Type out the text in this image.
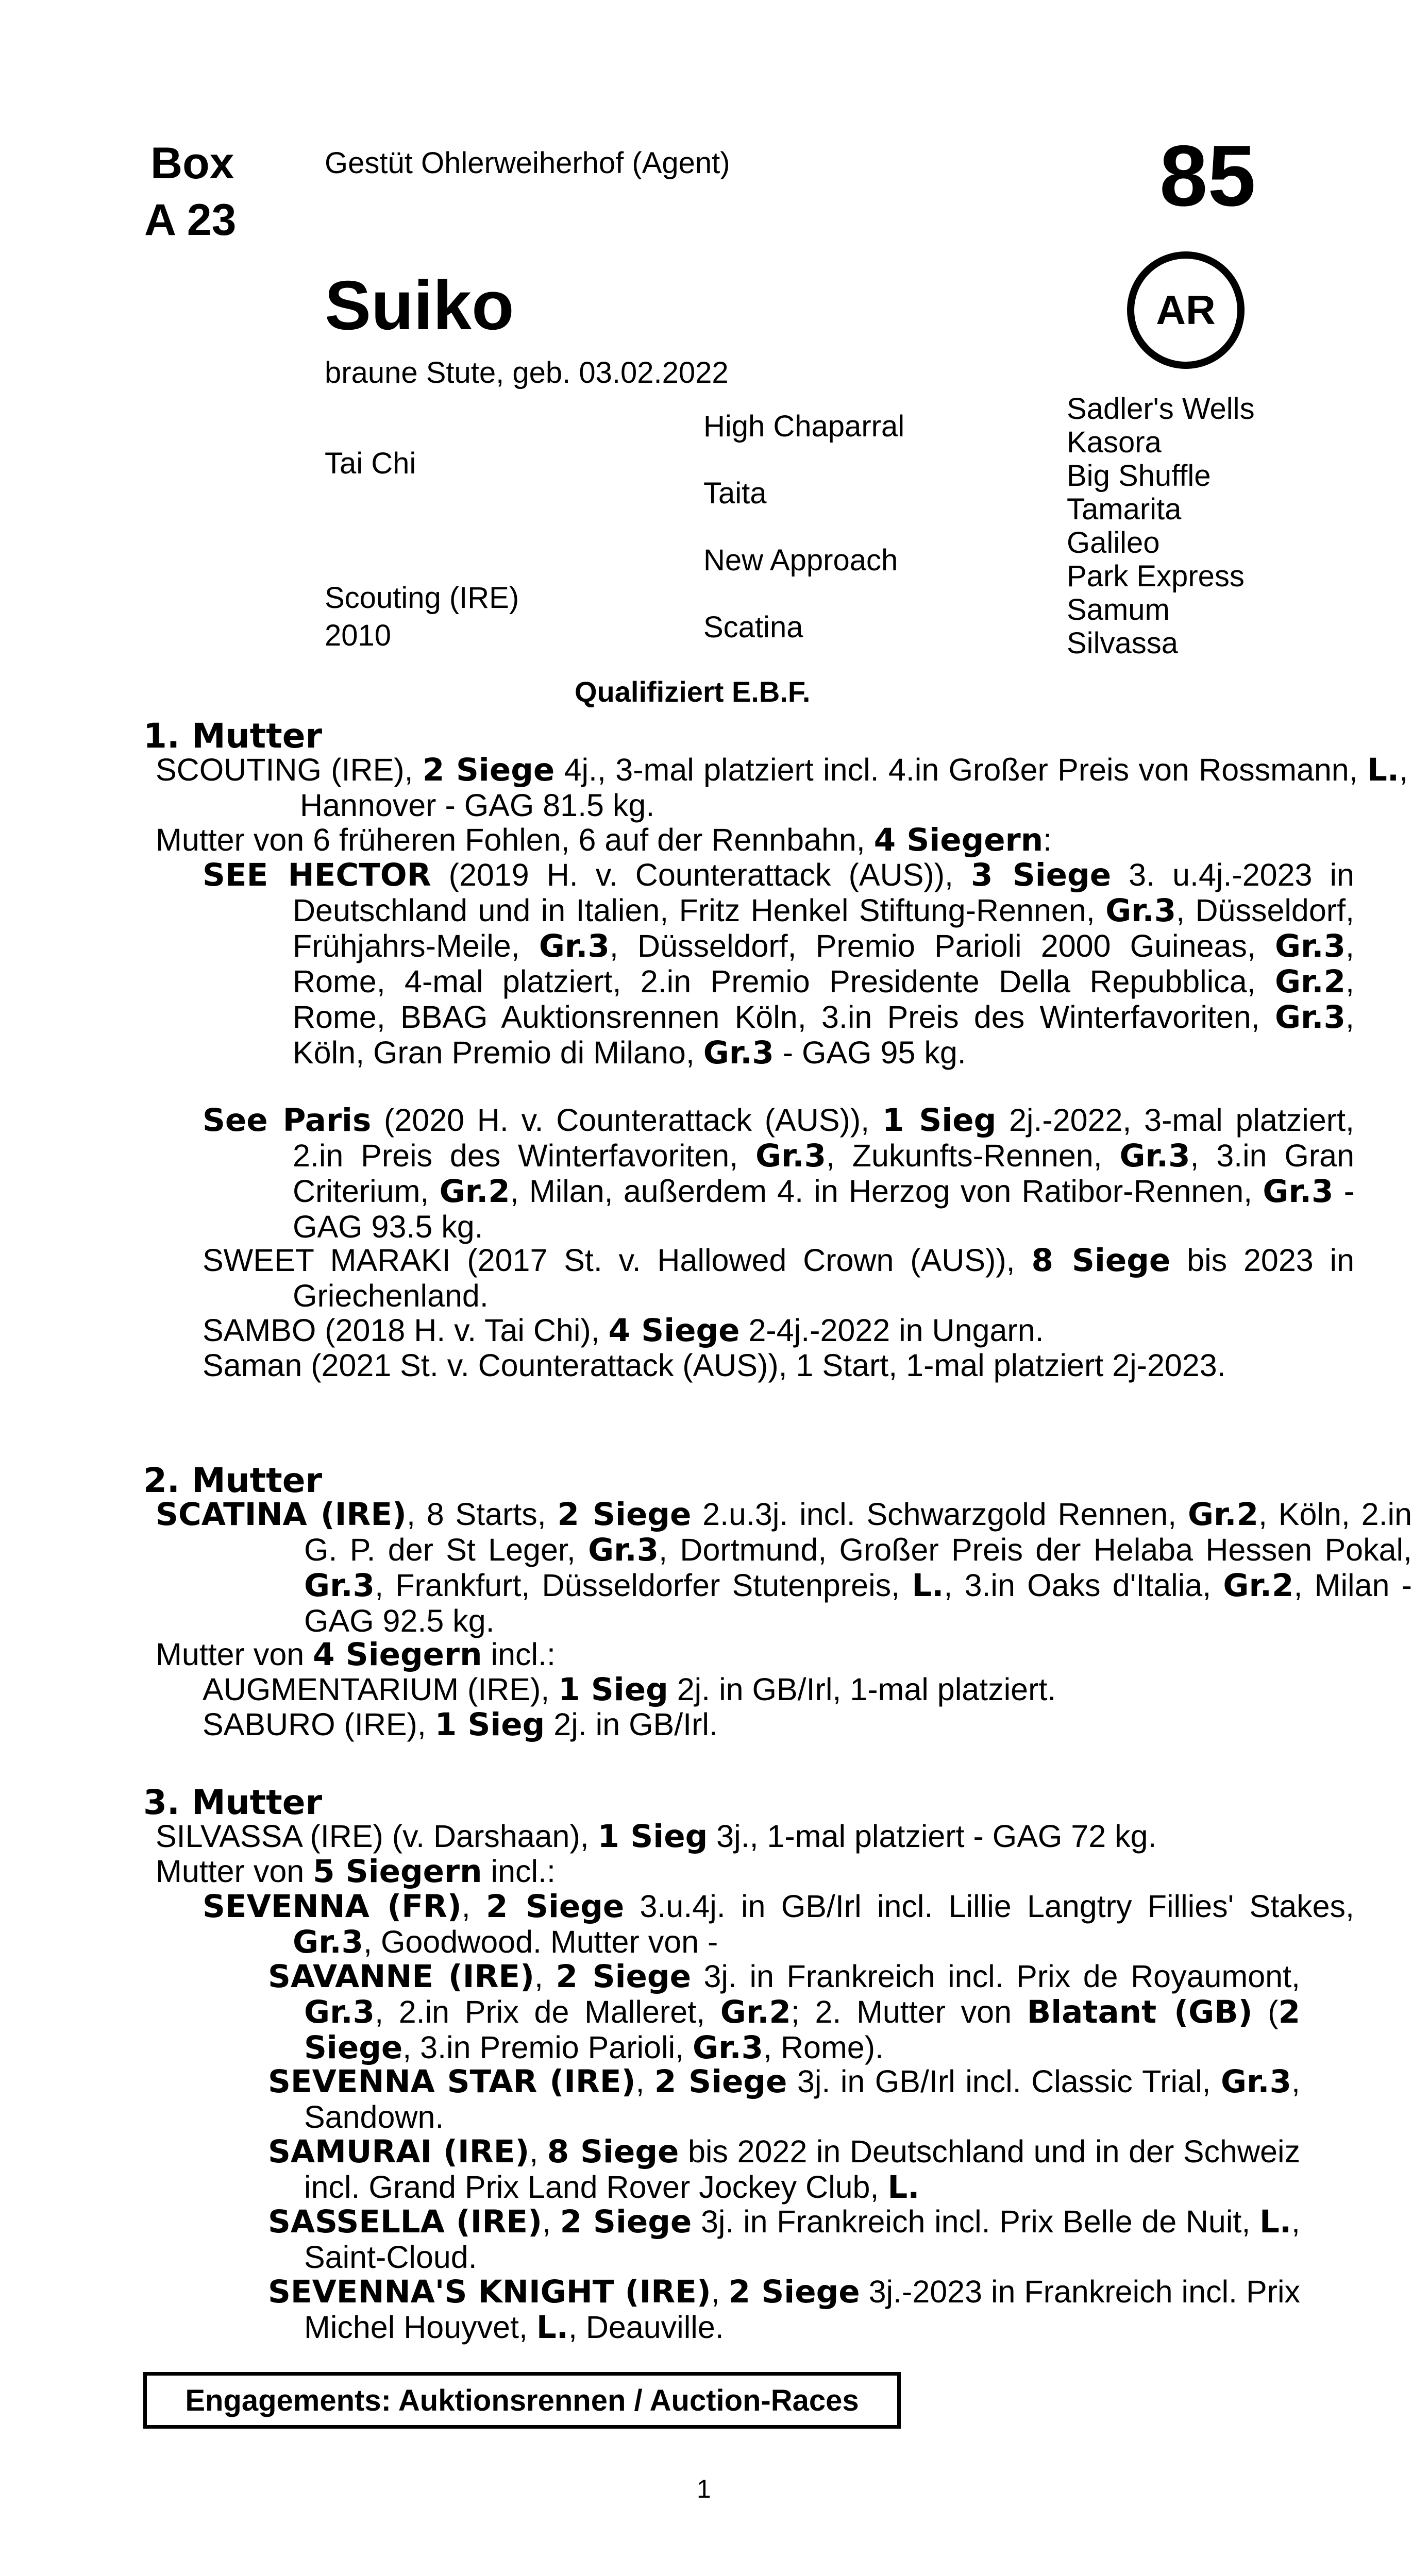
Box
A 23
Gestüt Ohlerweiherhof (Agent)	85
AR
Suiko
braune Stute, geb. 03.02.2022
Tai Chi
Scouting (IRE)
2010
High Chaparral
Taita
New Approach
Scatina
Sadler's Wells
Kasora
Big Shuffle
Tamarita
Galileo
Park Express
Samum
Silvassa
Qualifiziert E.B.F.
1. Mutter
SCOUTING (IRE), 2 Siege 4j., 3-mal platziert incl. 4.in Großer Preis von Rossmann, L., Hannover - GAG 81.5 kg.
Mutter von 6 früheren Fohlen, 6 auf der Rennbahn, 4 Siegern:
SEE HECTOR (2019 H. v. Counterattack (AUS)), 3 Siege 3. u.4j.-2023 in Deutschland und in Italien, Fritz Henkel Stiftung-Rennen, Gr.3, Düsseldorf, Frühjahrs-Meile, Gr.3, Düsseldorf, Premio Parioli 2000 Guineas, Gr.3, Rome, 4-mal platziert, 2.in Premio Presidente Della Repubblica, Gr.2, Rome, BBAG Auktionsrennen Köln, 3.in Preis des Winterfavoriten, Gr.3, Köln, Gran Premio di Milano, Gr.3 - GAG 95 kg.
See Paris (2020 H. v. Counterattack (AUS)), 1 Sieg 2j.-2022, 3-mal platziert, 2.in Preis des Winterfavoriten, Gr.3, Zukunfts-Rennen, Gr.3, 3.in Gran Criterium, Gr.2, Milan, außerdem 4. in Herzog von Ratibor-Rennen, Gr.3 - GAG 93.5 kg.
SWEET MARAKI (2017 St. v. Hallowed Crown (AUS)), 8 Siege bis 2023 in Griechenland.
SAMBO (2018 H. v. Tai Chi), 4 Siege 2-4j.-2022 in Ungarn.
Saman (2021 St. v. Counterattack (AUS)), 1 Start, 1-mal platziert 2j-2023.
2. Mutter
SCATINA (IRE), 8 Starts, 2 Siege 2.u.3j. incl. Schwarzgold Rennen, Gr.2, Köln, 2.in G. P. der St Leger, Gr.3, Dortmund, Großer Preis der Helaba Hessen Pokal, Gr.3, Frankfurt, Düsseldorfer Stutenpreis, L., 3.in Oaks d'Italia, Gr.2, Milan - GAG 92.5 kg.
Mutter von 4 Siegern incl.:
AUGMENTARIUM (IRE), 1 Sieg 2j. in GB/Irl, 1-mal platziert.
SABURO (IRE), 1 Sieg 2j. in GB/Irl.
3. Mutter
SILVASSA (IRE) (v. Darshaan), 1 Sieg 3j., 1-mal platziert - GAG 72 kg.
Mutter von 5 Siegern incl.:
SEVENNA (FR), 2 Siege 3.u.4j. in GB/Irl incl. Lillie Langtry Fillies' Stakes, Gr.3, Goodwood. Mutter von -
SAVANNE (IRE), 2 Siege 3j. in Frankreich incl. Prix de Royaumont, Gr.3, 2.in Prix de Malleret, Gr.2; 2. Mutter von Blatant (GB) (2 Siege, 3.in Premio Parioli, Gr.3, Rome).
SEVENNA STAR (IRE), 2 Siege 3j. in GB/Irl incl. Classic Trial, Gr.3, Sandown.
SAMURAI (IRE), 8 Siege bis 2022 in Deutschland und in der Schweiz incl. Grand Prix Land Rover Jockey Club, L.
SASSELLA (IRE), 2 Siege 3j. in Frankreich incl. Prix Belle de Nuit, L., Saint-Cloud.
SEVENNA'S KNIGHT (IRE), 2 Siege 3j.-2023 in Frankreich incl. Prix Michel Houyvet, L., Deauville.
Engagements: Auktionsrennen / Auction-Races
1
